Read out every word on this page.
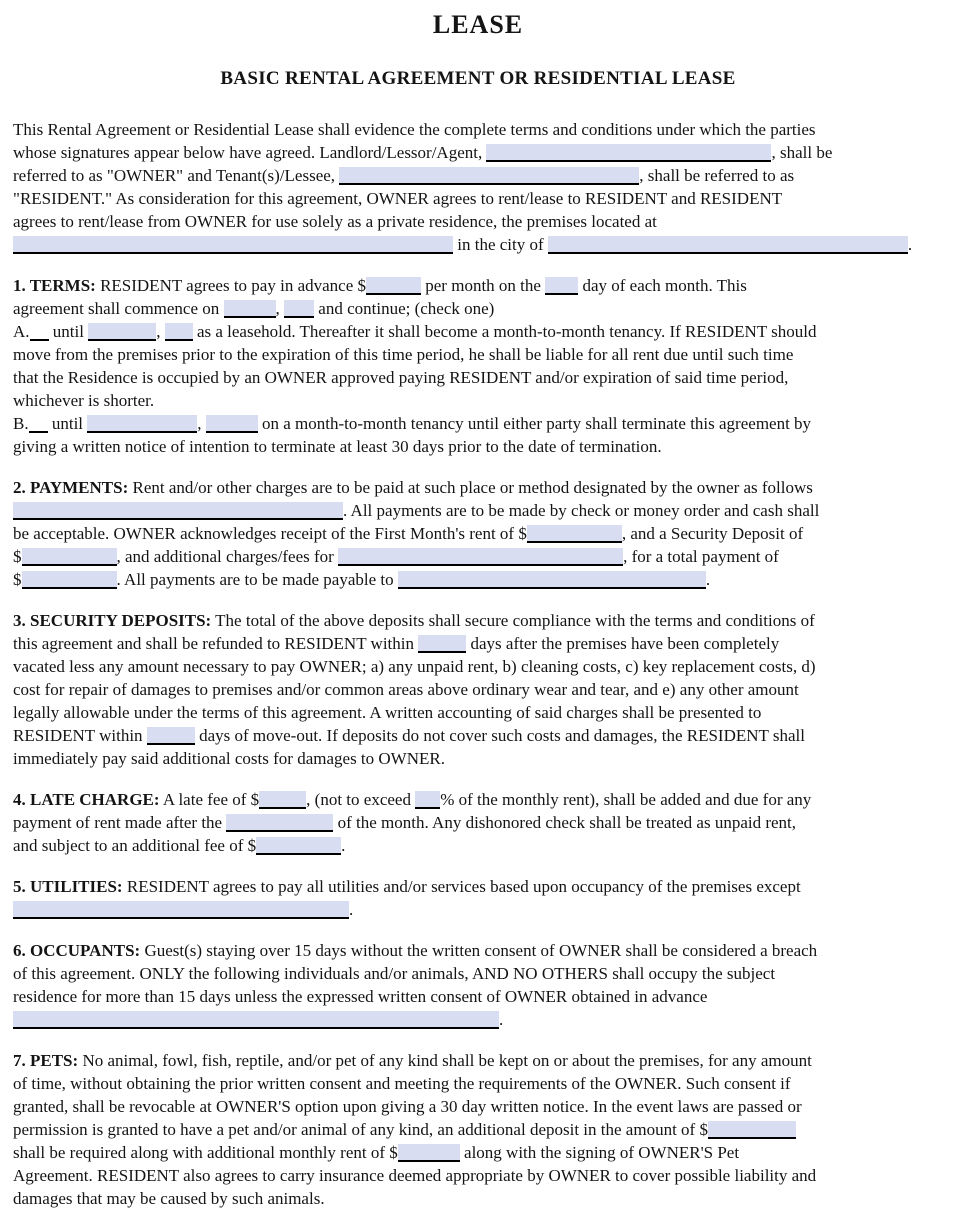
LEASE
BASIC RENTAL AGREEMENT OR RESIDENTIAL LEASE
This Rental Agreement or Residential Lease shall evidence the complete terms and conditions under which the parties
whose signatures appear below have agreed. Landlord/Lessor/Agent,	, shall be
referred to as "OWNER" and Tenant(s)/Lessee,	, shall be referred to as
"RESIDENT." As consideration for this agreement, OWNER agrees to rent/lease to RESIDENT and RESIDENT
agrees to rent/lease from OWNER for use solely as a private residence, the premises located at
in the city of	.
1. TERMS: RESIDENT agrees to pay in advance $	per month on the  day of each month. This
agreement shall commence on	,  and continue; (check one)
A. until	,  as a leasehold. Thereafter it shall become a month-to-month tenancy. If RESIDENT should
move from the premises prior to the expiration of this time period, he shall be liable for all rent due until such time
that the Residence is occupied by an OWNER approved paying RESIDENT and/or expiration of said time period,
whichever is shorter.
B. until	,	on a month-to-month tenancy until either party shall terminate this agreement by
giving a written notice of intention to terminate at least 30 days prior to the date of termination.
2. PAYMENTS: Rent and/or other charges are to be paid at such place or method designated by the owner as follows
. All payments are to be made by check or money order and cash shall
be acceptable. OWNER acknowledges receipt of the First Month's rent of $	, and a Security Deposit of
$	, and additional charges/fees for	, for a total payment of
$	. All payments are to be made payable to	.
3. SECURITY DEPOSITS: The total of the above deposits shall secure compliance with the terms and conditions of
this agreement and shall be refunded to RESIDENT within	days after the premises have been completely
vacated less any amount necessary to pay OWNER; a) any unpaid rent, b) cleaning costs, c) key replacement costs, d)
cost for repair of damages to premises and/or common areas above ordinary wear and tear, and e) any other amount
legally allowable under the terms of this agreement. A written accounting of said charges shall be presented to
RESIDENT within	days of move-out. If deposits do not cover such costs and damages, the RESIDENT shall
immediately pay said additional costs for damages to OWNER.
4. LATE CHARGE: A late fee of $	, (not to exceed % of the monthly rent), shall be added and due for any
payment of rent made after the	of the month. Any dishonored check shall be treated as unpaid rent,
and subject to an additional fee of $	.
5. UTILITIES: RESIDENT agrees to pay all utilities and/or services based upon occupancy of the premises except
.
6. OCCUPANTS: Guest(s) staying over 15 days without the written consent of OWNER shall be considered a breach
of this agreement. ONLY the following individuals and/or animals, AND NO OTHERS shall occupy the subject
residence for more than 15 days unless the expressed written consent of OWNER obtained in advance
.
7. PETS: No animal, fowl, fish, reptile, and/or pet of any kind shall be kept on or about the premises, for any amount
of time, without obtaining the prior written consent and meeting the requirements of the OWNER. Such consent if
granted, shall be revocable at OWNER'S option upon giving a 30 day written notice. In the event laws are passed or
permission is granted to have a pet and/or animal of any kind, an additional deposit in the amount of $
shall be required along with additional monthly rent of $	along with the signing of OWNER'S Pet
Agreement. RESIDENT also agrees to carry insurance deemed appropriate by OWNER to cover possible liability and
damages that may be caused by such animals.
